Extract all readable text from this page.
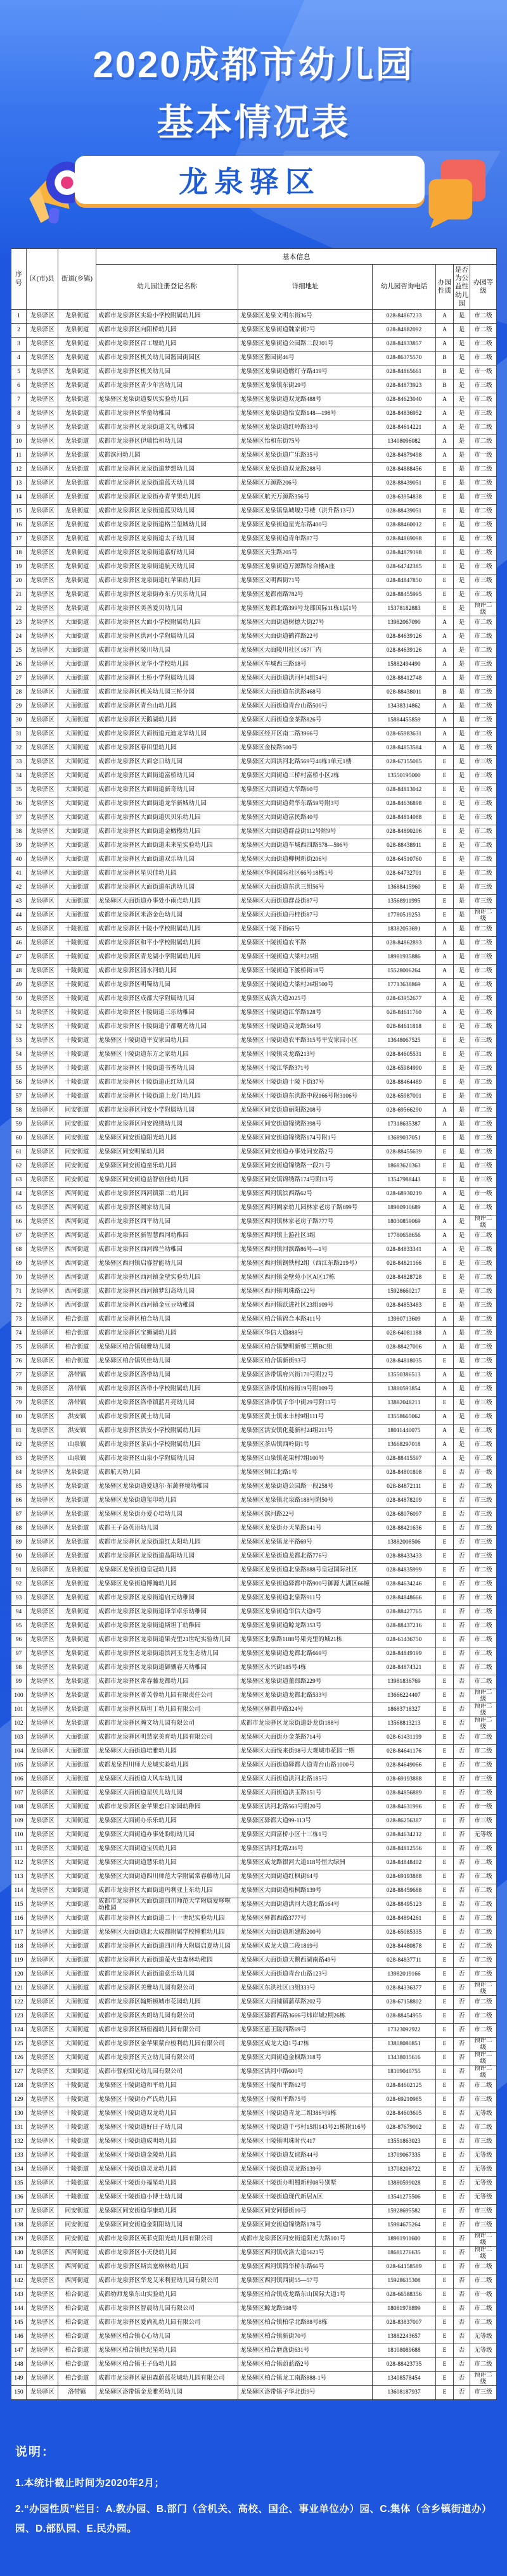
2020成都市幼儿园
基本情况表
龙泉驿区
序号	区(市)县	街道(乡镇)	基本信息					
			幼儿园注册登记名称	详细地址	幼儿园咨询电话	办园性质	是否为公益性幼儿园	办园等级
1	龙泉驿区	龙泉街道	成都市龙泉驿区实验小学校附属幼儿园	龙泉驿区龙泉文明东街36号	028-84867233	A	是	市二级
2	龙泉驿区	龙泉街道	成都市龙泉驿区向阳桥幼儿园	龙泉驿区龙泉街道魏家街7号	028-84882092	A	是	市二级
3	龙泉驿区	龙泉街道	成都市龙泉驿区百工堰幼儿园	龙泉驿区龙泉街道公园路二段301号	028-84833857	A	是	市二级
4	龙泉驿区	龙泉街道	成都市龙泉驿区机关幼儿园酱园街园区	龙泉驿区酱园街46号	028-86375570	B	是	市二级
5	龙泉驿区	龙泉街道	成都市龙泉驿区机关幼儿园	龙泉驿区龙泉街道燃灯寺路419号	028-84865661	B	是	市一级
6	龙泉驿区	龙泉街道	成都市龙泉驿区青少年宫幼儿园	龙泉驿区龙泉镇东街29号	028-84873923	B	是	市三级
7	龙泉驿区	龙泉街道	龙泉驿区龙泉街道要贝实验幼儿园	龙泉驿区龙泉街道双龙路488号	028-84623040	A	是	市二级
8	龙泉驿区	龙泉街道	成都市龙泉驿区华童幼稚园	龙泉驿区龙泉街道怡安路148—198号	028-84836952	A	是	市三级
9	龙泉驿区	龙泉街道	成都市龙泉驿区龙泉街道文礼幼稚园	龙泉驿区龙泉街道红岭路33号	028-84614221	A	是	市二级
10	龙泉驿区	龙泉街道	成都市龙泉驿区伊瑞怡和幼儿园	龙泉驿区怡和东街75号	13408096082	A	是	市二级
11	龙泉驿区	龙泉街道	成都滨河幼儿园	龙泉驿区龙泉街道广乐路35号	028-84879498	A	是	市一级
12	龙泉驿区	龙泉街道	成都市龙泉驿区龙泉街道梦想幼儿园	龙泉驿区龙泉街道双龙路288号	028-84888456	E	是	市二级
13	龙泉驿区	龙泉街道	成都市龙泉驿区龙泉街道蓝天幼儿园	龙泉驿区万源路206号	028-88439051	E	是	市二级
14	龙泉驿区	龙泉街道	成都市龙泉驿区龙泉街办青苹果幼儿园	龙泉驿区航天万源路356号	028-63954838	E	是	市三级
15	龙泉驿区	龙泉街道	成都市龙泉驿区龙泉街道蓝贝幼儿园	龙泉驿区龙泉镇皇城堰2号楼（洪升路13号）	028-88439051	E	是	市二级
16	龙泉驿区	龙泉街道	成都市龙泉驿区龙泉街道格兰玺城幼儿园	龙泉驿区龙泉街道星光东路400号	028-88460012	E	是	市二级
17	龙泉驿区	龙泉街道	成都市龙泉驿区龙泉街道太子幼儿园	龙泉驿区龙泉街道青年路87号	028-84869098	E	是	市二级
18	龙泉驿区	龙泉街道	成都市龙泉驿区龙泉街道嘉好幼儿园	龙泉驿区天生路205号	028-84879198	E	是	市二级
19	龙泉驿区	龙泉街道	成都市龙泉驿区龙泉街道航天幼儿园	龙泉驿区龙泉街道万源路综合楼A座	028-64742385	E	是	市二级
20	龙泉驿区	龙泉街道	成都市龙泉驿区龙泉街道红苹果幼儿园	龙泉驿区文明西街71号	028-84847850	E	是	市三级
21	龙泉驿区	龙泉街道	成都市龙泉驿区龙泉街办东方贝乐幼儿园	龙泉驿区龙都南路782号	028-88455995	E	是	市二级
22	龙泉驿区	龙泉街道	成都市龙泉驿区美善爱贝幼儿园	龙泉驿区龙都北路399号龙都国际11栋1层1号	15378182883	E	是	预评二级
23	龙泉驿区	大面街道	成都市龙泉驿区大面小学校附属幼儿园	龙泉驿区大面街道树德大街27号	13982067090	A	是	市二级
24	龙泉驿区	大面街道	成都市龙泉驿区洪河小学附属幼儿园	龙泉驿区大面街道鹤祥路22号	028-84639126	A	是	市二级
25	龙泉驿区	大面街道	成都市龙泉驿区陵川幼儿园	龙泉驿区大面陵川社区167厂内	028-84639126	A	是	市二级
26	龙泉驿区	大面街道	成都市龙泉驿区龙华小学校幼儿园	龙泉驿区车城西三路18号	15882494490	A	是	市三级
27	龙泉驿区	大面街道	成都市龙泉驿区土桥小学附属幼儿园	龙泉驿区大面街道洪河村4组54号	028-88412748	A	是	市三级
28	龙泉驿区	大面街道	成都市龙泉驿区机关幼儿园三桥分园	龙泉驿区大面街道东洪路468号	028-88438011	B	是	市二级
29	龙泉驿区	大面街道	成都市龙泉驿区青台山幼儿园	龙泉驿区大面街道青台山路500号	13438314862	A	是	市二级
30	龙泉驿区	大面街道	成都市龙泉驿区天鹅湖幼儿园	龙泉驿区大面街道金茶路826号	15884455859	A	是	市二级
31	龙泉驿区	大面街道	成都市龙泉驿区大面街道元迪龙华幼儿园	龙泉驿区经开区南二路3966号	028-65983631	A	是	市二级
32	龙泉驿区	大面街道	成都市龙泉驿区春田里幼儿园	龙泉驿区金桉路500号	028-84853584	A	是	市二级
33	龙泉驿区	大面街道	成都市龙泉驿区大面恋日幼儿园	龙泉驿区大面洪河北路569号40栋1单元1楼	028-67155085	E	是	市三级
34	龙泉驿区	大面街道	成都市龙泉驿区大面街道富桥幼儿园	龙泉驿区大面街道三桥村富桥小区2栋	13550195000	E	是	市三级
35	龙泉驿区	大面街道	成都市龙泉驿区大面街道新奇幼儿园	龙泉驿区大面街道大华路60号	028-84813042	E	是	市三级
36	龙泉驿区	大面街道	成都市龙泉驿区大面街道龙华新城幼儿园	龙泉驿区大面街道荷华东路59号附3号	028-84636898	E	是	市三级
37	龙泉驿区	大面街道	成都市龙泉驿区大面街道贝贝乐幼儿园	龙泉驿区大面街道富民路40号	028-84814088	E	是	市三级
38	龙泉驿区	大面街道	成都市龙泉驿区大面街道金橄榄幼儿园	龙泉驿区大面街道群益街112号附9号	028-84890206	E	是	市二级
39	龙泉驿区	大面街道	成都市龙泉驿区大面街道未来星实验幼儿园	龙泉驿区大面街道车城西四路578—596号	028-88438911	E	是	市二级
40	龙泉驿区	大面街道	成都市龙泉驿区大面街道双乐幼儿园	龙泉驿区大面街道柳树新街206号	028-64510760	E	是	市二级
41	龙泉驿区	大面街道	成都市龙泉驿区星贝佳幼儿园	龙泉驿区华润国际社区66号18栋1号	028-64732701	E	是	市二级
42	龙泉驿区	大面街道	成都市龙泉驿区大面街道东洪幼儿园	龙泉驿区大面街道东洪三组56号	13688415960	E	是	市三级
43	龙泉驿区	大面街道	龙泉驿区大面街道办事处小雨点幼儿园	龙泉驿区大面街道群益街87号	13568911995	E	是	市三级
44	龙泉驿区	大面街道	成都市龙泉驿区米洛金色幼儿园	龙泉驿区大面街道丹桂街87号	17780519253	E	是	预评二级
45	龙泉驿区	十陵街道	成都市龙泉驿区十陵小学校附属幼儿园	龙泉驿区十陵下街65号	18382053691	A	是	市二级
46	龙泉驿区	十陵街道	成都市龙泉驿区和平小学校附属幼儿园	龙泉驿区十陵街道农平路	028-84862893	A	是	市二级
47	龙泉驿区	十陵街道	成都市龙泉驿区青龙湖小学附属幼儿园	龙泉驿区十陵街道大梁村25组	18981935886	A	是	市三级
48	龙泉驿区	十陵街道	成都市龙泉驿区清水河幼儿园	龙泉驿区十陵街道下渡桥街18号	15528006264	A	是	市二级
49	龙泉驿区	十陵街道	成都市龙泉驿区明蜀幼儿园	龙泉驿区十陵街道大梁村26组500号	17713638869	A	是	市二级
50	龙泉驿区	十陵街道	成都市龙泉驿区成都大学附属幼儿园	龙泉驿区成洛大道2025号	028-63952677	A	是	市二级
51	龙泉驿区	十陵街道	成都市龙泉驿区十陵街道三乐幼稚园	龙泉驿区十陵街道江华路128号	028-84611760	A	是	市二级
52	龙泉驿区	十陵街道	成都市龙泉驿区十陵街道宁都曙光幼儿园	龙泉驿区十陵街道灵龙路564号	028-84611818	E	是	市二级
53	龙泉驿区	十陵街道	龙泉驿区十陵街道平安家园幼儿园	龙泉驿区十陵街道农平路315号平安家园小区	13648067525	E	是	市三级
54	龙泉驿区	十陵街道	龙泉驿区十陵街道东方之家幼儿园	龙泉驿区十陵镇灵龙路213号	028-84605531	E	是	市二级
55	龙泉驿区	十陵街道	成都市龙泉驿区十陵街道书香幼儿园	龙泉驿区十陵江华路371号	028-65984990	E	是	市三级
56	龙泉驿区	十陵街道	成都市龙泉驿区十陵街道正红幼儿园	龙泉驿区十陵街道十陵下街37号	028-88464489	E	是	市二级
57	龙泉驿区	十陵街道	成都市龙泉驿区十陵街道上龙门幼儿园	龙泉驿区十陵街道东洪路中段166号附3106号	028-65987001	E	是	市二级
58	龙泉驿区	同安街道	成都市龙泉驿区同安小学附属幼儿园	龙泉驿区同安街道丽阳路208号	028-69566290	A	是	市二级
59	龙泉驿区	同安街道	成都市龙泉驿区同安锦绣幼儿园	龙泉驿区同安街道锦绣路398号	17318635387	A	是	市二级
60	龙泉驿区	同安街道	龙泉驿区同安街道阳光幼儿园	龙泉驿区同安街道锦绣路174号附1号	13689037051	E	是	市二级
61	龙泉驿区	同安街道	龙泉驿区同安明星幼儿园	龙泉驿区同安街道办事处同安路2号	028-88455639	E	是	市二级
62	龙泉驿区	同安街道	龙泉驿区同安街道童乐幼儿园	龙泉驿区同安街道锦绣路一段71号	18683620363	E	是	市三级
63	龙泉驿区	同安街道	龙泉驿区同安街道益智倍佳幼儿园	龙泉驿区同安镇锦绣路174号附13号	13547988443	E	是	市三级
64	龙泉驿区	西河街道	成都市龙泉驿区西河镇第二幼儿园	龙泉驿区西河镇滨西路62号	028-68930219	A	是	市一级
65	龙泉驿区	西河街道	成都市龙泉驿区阙家幼儿园	龙泉驿区西河阙家幼儿园林家老房子路699号	18980910689	A	是	市二级
66	龙泉驿区	西河街道	成都市龙泉驿区西平幼儿园	龙泉驿区西河镇林家老房子路777号	18030859069	A	是	预评二级
67	龙泉驿区	西河街道	成都市龙泉驿区新智慧西河幼稚园	龙泉驿区西河镇上游社区3组	17780658656	A	是	市二级
68	龙泉驿区	西河街道	成都市龙泉驿区西河锦兰幼稚园	龙泉驿区西河镇河滨路86号—1号	028-84833341	A	是	市二级
69	龙泉驿区	西河街道	龙泉驿区西河镇启睿智能幼儿园	龙泉驿区西河镇钢铁村2组（西江东路219号）	028-84821166	E	是	市三级
70	龙泉驿区	西河街道	成都市龙泉驿区西河镇金壁实验幼儿园	龙泉驿区西河镇金壁苑小区A区17栋	028-84828728	E	是	市二级
71	龙泉驿区	西河街道	成都市龙泉驿区西河镇梦幻岛幼儿园	龙泉驿区西河镇明珠路122号	15928660217	E	是	市二级
72	龙泉驿区	西河街道	成都市龙泉驿区西河镇金豆豆幼稚园	龙泉驿区西河镇跃进社区23组109号	028-84853483	E	是	市三级
73	龙泉驿区	柏合街道	成都市龙泉驿区柏合幼儿园	龙泉驿区柏合镇锦合本路411号	13980713609	A	是	市二级
74	龙泉驿区	柏合街道	成都市龙泉驿区宝狮湖幼儿园	龙泉驿区华信大道888号	028-64081188	A	是	市二级
75	龙泉驿区	柏合街道	龙泉驿区柏合镇瑞雅幼儿园	龙泉驿区柏合镇黎明新邨三期BC组	028-88427006	A	是	市二级
76	龙泉驿区	柏合街道	龙泉驿区柏合镇贝佳幼儿园	龙泉驿区柏合镇新街93号	028-84818035	E	是	市二级
77	龙泉驿区	洛带镇	成都市龙泉驿区洛带幼儿园	龙泉驿区洛带镇府兴街170号附22号	13550386513	A	是	市二级
78	龙泉驿区	洛带镇	成都市龙泉驿区洛带小学校附属幼儿园	龙泉驿区洛带镇柏杨街19号附109号	13880593854	A	是	市二级
79	龙泉驿区	洛带镇	成都市龙泉驿区洛带镇蓝月亮幼儿园	龙泉驿区洛带镇子华中街29号附13号	13882048211	E	是	市三级
80	龙泉驿区	洪安镇	成都市龙泉驿区黄土幼儿园	龙泉驿区黄土镇永丰村9组111号	13558665062	A	是	市二级
81	龙泉驿区	洪安镇	成都市龙泉驿区洪安小学校附属幼儿园	龙泉驿区洪安镇化蔓新村24组211号	18011440075	A	是	市二级
82	龙泉驿区	山泉镇	成都市龙泉驿区茶店小学校附属幼儿园	龙泉驿区茶店镇西岭街1号	13668297018	A	是	市二级
83	龙泉驿区	山泉镇	成都市龙泉驿区山泉小学附属幼儿园	龙泉驿区山泉镇花果村7组100号	028-88415597	A	是	市二级
84	龙泉驿区	龙泉街道	成都航天幼儿园	龙泉驿区铜江北路1号	028-84801808	E	否	市一级
85	龙泉驿区	龙泉街道	龙泉驿区龙泉街道爱迪尔·东蓠驿境幼稚园	龙泉驿区龙泉街道公园路一段258号	028-84872111	E	否	市二级
86	龙泉驿区	龙泉街道	龙泉驿区龙泉街道玺印幼儿园	龙泉驿区龙泉镇北泉路188号附50号	028-84878209	E	否	市三级
87	龙泉驿区	龙泉街道	龙泉驿区龙泉街办爱心培幼儿园	龙泉驿区滨河路22号	028-68076097	E	否	市三级
88	龙泉驿区	龙泉街道	成都王子岛英语幼儿园	龙泉驿区龙泉街办天星路141号	028-88421636	E	否	市二级
89	龙泉驿区	龙泉街道	成都市龙泉驿区龙泉街道红太阳幼儿园	龙泉驿区龙泉镇龙平路69号	13882008506	E	否	市三级
90	龙泉驿区	龙泉街道	成都市龙泉驿区龙泉街道晶阳幼儿园	龙泉驿区龙泉街道龙都北路776号	028-88433433	E	否	市三级
91	龙泉驿区	龙泉街道	龙泉驿区龙泉街道皇冠幼儿园	龙泉驿区龙泉街道北泉路888号皇冠国际社区	028-84835999	E	否	市二级
92	龙泉驿区	龙泉街道	龙泉驿区龙泉街道博瀚幼儿园	龙泉驿区龙泉街道驿都中路900号御源大湖区66幢	028-84634246	E	否	市二级
93	龙泉驿区	龙泉街道	成都市龙泉驿区龙泉街道启元幼稚园	龙泉驿区龙泉街道北泉路911号	028-84848666	E	否	市二级
94	龙泉驿区	龙泉街道	成都市龙泉驿区龙泉街道译华卓乐幼稚园	龙泉驿区龙泉街道华信大道9号	028-88427765	E	否	市二级
95	龙泉驿区	龙泉街道	成都市龙泉驿区龙泉街道斯坦丁幼稚园	龙泉驿区龙泉街道鲸龙路353号	028-88437216	E	否	市二级
96	龙泉驿区	龙泉街道	成都市龙泉驿区龙泉街道果壳里21世纪实验幼儿园	龙泉驿区北泉路1188号果壳里的城21栋	028-61436750	E	否	市二级
97	龙泉驿区	龙泉街道	成都市龙泉驿区龙泉街道滨河玉龙生态幼儿园	龙泉驿区龙泉街道龙都北路669号	028-84849199	E	否	市二级
98	龙泉驿区	龙泉街道	成都市龙泉驿区龙泉街道御骧春天幼稚园	龙泉驿区永兴街185号4栋	028-84874321	E	否	市二级
99	龙泉驿区	龙泉街道	成都市龙泉驿区常春藤龙都幼儿园	龙泉驿区龙泉街道董郎路229号	13981836769	E	否	市二级
100	龙泉驿区	龙泉街道	成都市龙泉驿区菁芙蓉幼儿园有限责任公司	龙泉驿区龙泉街道龙都北路533号	13666224407	E	否	预评二级
101	龙泉驿区	龙泉街道	成都市龙泉驿区斯坦丁幼儿园有限公司	龙泉驿区驿都中路324号	18683718327	E	否	预评二级
102	龙泉驿区	龙泉街道	成都市龙泉驿区瀚文幼儿园有限公司	成都市龙泉驿区龙泉街道卧龙街188号	13568813213	E	否	预评二级
103	龙泉驿区	大面街道	成都市龙泉驿区明慧家美育幼儿园有限公司	龙泉驿区大面街办金茶路714号	028-61431199	E	否	市二级
104	龙泉驿区	大面街道	龙泉驿区大面街道培雅幼儿园	龙泉驿区大面悦来街98号大观城市花园一期	028-84641176	E	否	市二级
105	龙泉驿区	大面街道	成都龙泉四川师大龙城实验幼儿园	龙泉驿区大面街道驿都大道青台山路1000号	028-84649066	E	否	市二级
106	龙泉驿区	大面街道	龙泉驿区大面街道大风车幼儿园	龙泉驿区大面街道洪河北路185号	028-69193888	E	否	市三级
107	龙泉驿区	大面街道	龙泉驿区大面街道星贝儿幼儿园	龙泉驿区大面街道洪玉路151号	028-84856889	E	否	市二级
108	龙泉驿区	大面街道	成都市龙泉驿区金苹果恋日家园幼稚园	龙泉驿区洪河北路563号附20号	028-84631996	E	否	市一级
109	龙泉驿区	大面街道	龙泉驿区大面街办乐乐幼儿园	龙泉驿区驿都大道99-113号	028-86256387	E	否	市三级
110	龙泉驿区	大面街道	龙泉驿区大面街道办事处盼盼幼儿园	龙泉驿区大面富桥小区十三栋1号	028-84634212	E	否	无等级
111	龙泉驿区	大面街道	龙泉驿区大面街道宝贝幼儿园	龙泉驿区洪河北路236号	028-84812556	E	否	市二级
112	龙泉驿区	大面街道	龙泉驿区大面街道慧乐幼儿园	龙泉驿区成龙路银河大道118号恒大绿洲	028-84848402	E	否	市二级
113	龙泉驿区	大面街道	龙泉驿区大面街道四川师范大学附属常春藤幼儿园	龙泉驿区大面街道红枫街64号	028-69193888	E	否	市二级
114	龙泉驿区	大面街道	成都市龙泉驿区大面街道玛利亚上东幼儿园	龙泉驿区大面街道梧桐路139号	028-88459688	E	否	市二级
115	龙泉驿区	大面街道	成都市龙泉驿区大面街道四川师范大学附属爱哆啦幼稚园	龙泉驿区大面街道洪河大道北路164号	028-88495123	E	否	市二级
116	龙泉驿区	大面街道	成都市龙泉驿区大面街道二十一世纪实验幼儿园	龙泉驿区驿都西路3777号	028-84894261	E	否	市二级
117	龙泉驿区	大面街道	龙泉驿区大面街道北大成都附属学校博雅幼儿园	龙泉驿区大面街道新建路200号	028-65085335	E	否	市二级
118	龙泉驿区	大面街道	成都市龙泉驿区大面街道四川师大附属启夏幼儿园	龙泉驿区成龙大道二段1819号	028-84480878	E	否	市二级
119	龙泉驿区	大面街道	成都市龙泉驿区大面街道萤火虫森林幼稚园	龙泉驿区大面街道天鹅西湖南路49号	028-84837711	E	否	市二级
120	龙泉驿区	大面街道	成都市龙泉驿区大面街道意乐幼儿园	龙泉驿区大面街道青台山路123号	13982019166	E	否	市二级
121	龙泉驿区	大面街道	成都市龙泉驿区美雅幼儿园有限公司	龙泉驿区东洪社区13组333号	028-84336377	E	否	预评二级
122	龙泉驿区	大面街道	成都市龙泉驿区翰斯顿城市花园幼儿园	龙泉驿区大面铺镇蒲草路202号	028-67158802	E	否	市二级
123	龙泉驿区	大面街道	成都市龙泉驿区杰朗幼儿园有限公司	龙泉驿区驿都西路3666号炜岸城2期26栋	028-88454955	E	否	市二级
124	龙泉驿区	大面街道	成都市龙泉驿区斯但福幼儿园有限公司	龙泉驿区惠王陵西路69号	17323092922	E	否	市二级
125	龙泉驿区	大面街道	成都市龙泉驿区金苹果蒙台梭利幼儿园有限公司	龙泉驿区成龙大道1号47栋	13808080851	E	否	预评二级
126	龙泉驿区	大面街道	成都市龙泉驿区天立幼儿园有限公司	龙泉驿区大面街道金枫路318号	13438035616	E	否	预评二级
127	龙泉驿区	大面街道	成都市蓉府阳光幼儿园有限公司	龙泉驿区洪河中路600号	18109040755	E	否	预评二级
128	龙泉驿区	十陵街道	龙泉驿区十陵街道和平幼儿园	龙泉驿区十陵和平路62号	028-84602125	E	否	市二级
129	龙泉驿区	十陵街道	龙泉驿区十陵街办严氏幼儿园	龙泉驿区十陵和平路75号	028-69210985	E	否	市三级
130	龙泉驿区	十陵街道	龙泉驿区十陵街道双龙幼儿园	龙泉驿区十陵街道青龙二组386号9栋	028-84603605	E	否	无等级
131	龙泉驿区	十陵街道	龙泉驿区十陵街道好日子幼儿园	龙泉驿区十陵街道千弓村15组143号21栋附116号	028-87679002	E	否	市二级
132	龙泉驿区	十陵街道	龙泉驿区十陵街道成明幼儿园	龙泉驿区十陵镇明珠时代417	13551863023	E	否	市三级
133	龙泉驿区	十陵街道	龙泉驿区十陵街道金陵幼儿园	龙泉驿区十陵街道友谊路44号	13709067335	E	否	无等级
134	龙泉驿区	十陵街道	龙泉驿区十陵街道灵龙幼儿园	龙泉驿区十陵街道灵龙路139号	13708208722	E	否	无等级
135	龙泉驿区	十陵街道	龙泉驿区十陵街办福星幼儿园	龙泉驿区十陵街办明蜀新村08号别墅	13880599028	E	否	无等级
136	龙泉驿区	十陵街道	龙泉驿区十陵街道小博士幼儿园	龙泉驿区十陵街道现代新居A区	13541275506	E	否	无等级
137	龙泉驿区	同安街道	龙泉驿区同安街道华康幼儿园	龙泉驿区同安同德街10号	15928695582	E	否	市三级
138	龙泉驿区	同安街道	龙泉驿区同安街道金阳阳幼儿园	龙泉驿区同安街道锦绣路178号	15984675264	E	否	市三级
139	龙泉驿区	同安街道	成都市龙泉驿区英菲克阳光幼儿园有限公司	成都市龙泉驿区同安街道阳光大路101号	18981911600	E	否	预评二级
140	龙泉驿区	西河街道	成都市龙泉驿区小天使幼儿园	龙泉驿区西河镇成洛大道5621号	18681276635	E	否	预评二级
141	龙泉驿区	西河街道	成都市龙泉驿区斯宾塞格林幼儿园	龙泉驿区西河镇简华桥东路66号	028-64158589	E	否	市二级
142	龙泉驿区	西河街道	成都市龙泉驿区华龙艾米利亚幼儿园有限公司	龙泉驿区西河镇西街55—57号	15928635308	E	否	市二级
143	龙泉驿区	柏合街道	成都幼师龙泉东山实验幼儿园	龙泉驿区柏合镇成龙路东山国际大道1号	028-66588356	E	否	市一级
144	龙泉驿区	柏合街道	成都市龙泉驿区智晨幼儿园有限公司	龙泉驿区鲸龙路598号	18081978899	E	否	市二级
145	龙泉驿区	柏合街道	成都市龙泉驿区爱尚礼幼儿园有限公司	龙泉驿区柏合镇柏学北路88号8栋	028-83837007	E	否	市二级
146	龙泉驿区	柏合街道	龙泉驿区柏合镇心心幼儿园	龙泉驿区柏合镇新街70号	13882243657	E	否	无等级
147	龙泉驿区	柏合街道	龙泉驿区柏合镇世纪星幼儿园	龙泉驿区柏合磨盘街631号	18108089688	E	否	无等级
148	龙泉驿区	柏合街道	龙泉驿区柏合镇王子岛幼儿园	龙泉驿区柏合镇蔚蓝路2号	028-88423735	E	否	市二级
149	龙泉驿区	柏合街道	成都市龙泉驿区蒙田森蔚蓝花城幼儿园有限公司	龙泉驿区柏合镇龙工南路888-1号	13408578454	E	否	预评二级
150	龙泉驿区	洛带镇	龙泉驿区洛带镇金龙雅苑幼儿园	龙泉驿区洛带镇子华北街9号	13608187937	E	否	市三级
说明：

1.本统计截止时间为2020年2月；

2.“办园性质”栏目：A.教办园、B.部门（含机关、高校、国企、事业单位办）园、C.集体（含乡镇街道办）园、D.部队园、E.民办园。
